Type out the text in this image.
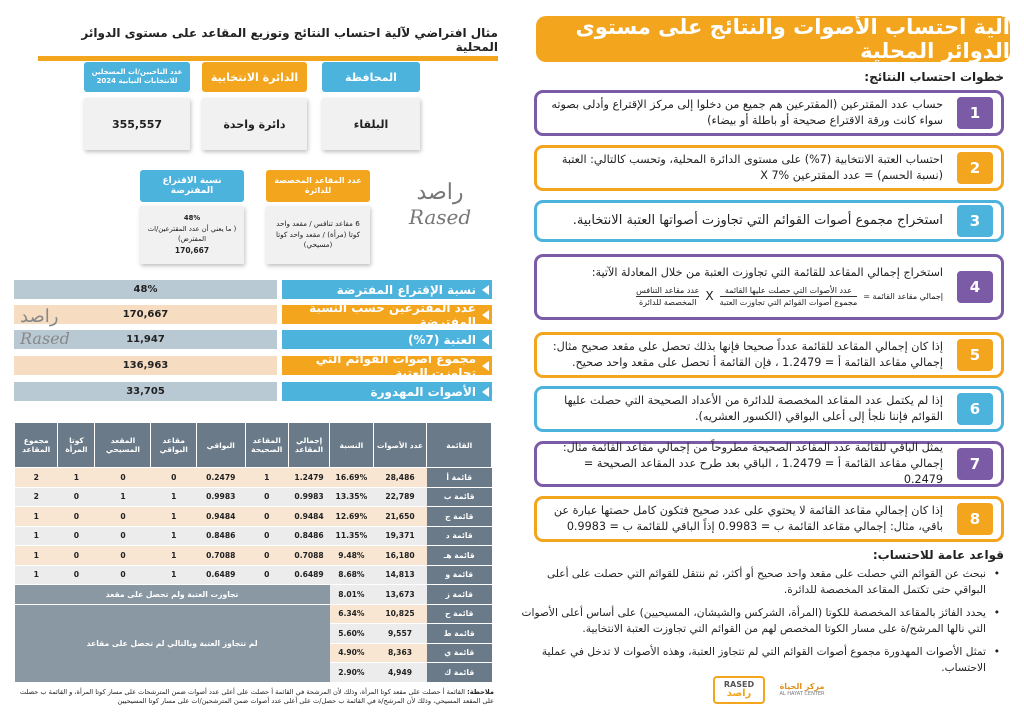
آلية احتساب الأصوات والنتائج على مستوى الدوائر المحلية
خطوات احتساب النتائج:
1
حساب عدد المقترعين (المقترعين هم جميع من دخلوا إلى مركز الإقتراع وأدلى بصوته سواء كانت ورقة الاقتراع صحيحة أو باطلة أو بيضاء)
2
احتساب العتبة الانتخابية (7%) على مستوى الدائرة المحلية، وتحسب كالتالي: العتبة (نسبة الحسم) = عدد المقترعين X 7%
3
استخراج مجموع أصوات القوائم التي تجاوزت أصواتها العتبة الانتخابية.
4
استخراج إجمالي المقاعد للقائمة التي تجاوزت العتبة من خلال المعادلة الآتية:
إجمالي مقاعد القائمة =
عدد الأصوات التي حصلت عليها القائمة
مجموع أصوات القوائم التي تجاوزت العتبة
X
عدد مقاعد التنافس
المخصصة للدائرة
5
إذا كان إجمالي المقاعد للقائمة عدداً صحيحا فإنها بذلك تحصل على مقعد صحيح مثال: إجمالي مقاعد القائمة أ = 1.2479 ، فإن القائمة أ تحصل على مقعد واحد صحيح.
6
إذا لم يكتمل عدد المقاعد المخصصة للدائرة من الأعداد الصحيحة التي حصلت عليها القوائم فإننا نلجأ إلى أعلى البواقي (الكسور العشريه).
7
يمثل الباقي للقائمة عدد المقاعد الصحيحة مطروحاً من إجمالي مقاعد القائمة مثال: إجمالي مقاعد القائمة أ = 1.2479 ، الباقي بعد طرح عدد المقاعد الصحيحة = 0.2479
8
إذا كان إجمالي مقاعد القائمة لا يحتوي على عدد صحيح فتكون كامل حصتها عبارة عن باقي، مثال: إجمالي مقاعد القائمة ب = 0.9983 إذاً الباقي للقائمة ب = 0.9983
قواعد عامة للاحتساب:
• نبحث عن القوائم التي حصلت على مقعد واحد صحيح أو أكثر، ثم ننتقل للقوائم التي حصلت على أعلى البواقي حتى تكتمل المقاعد المخصصة للدائرة.
• يحدد الفائز بالمقاعد المخصصة للكوتا (المرأة، الشركس والشيشان، المسيحيين) على أساس أعلى الأصوات التي نالها المرشح/ة على مسار الكوتا المخصص لهم من القوائم التي تجاوزت العتبة الانتخابية.
• تمثل الأصوات المهدورة مجموع أصوات القوائم التي لم تتجاوز العتبة، وهذه الأصوات لا تدخل في عملية الاحتساب.
RASED
راصد
مركز الحياة
AL HAYAT CENTER
مثال افتراضي لآلية احتساب النتائج وتوزيع المقاعد على مستوى الدوائر المحلية
المحافظة
البلقاء
الدائرة الانتخابية
دائرة واحدة
عدد الناخبين/ات المسجلين للانتخابات النيابية 2024
355,557
عدد المقاعد المخصصة للدائرة
6 مقاعد تنافس / مقعد واحد كوتا (مرأة) / مقعد واحد كوتا (مسيحي)
نسبة الاقتراع المفترضة
48%
( ما يعني أن عدد المقترعين/ات المفترض)
170,667
راصد
Rased
نسبة الإقتراع المفترضة
48%
عدد المقترعين حسب النسبة المفترضة
170,667
العتبة (7%)
11,947
مجموع أصوات القوائم التي تجاوزت العتبة
136,963
الأصوات المهدورة
33,705
راصد
Rased
القائمة	عدد الأصوات	النسبة	إجمالي المقاعد	المقاعد الصحيحة	البواقي	مقاعد البواقي	المقعد المسيحي	كوتا المرأة	مجموع المقاعد
قائمة أ	28,486	16.69%	1.2479	1	0.2479	0	0	1	2
قائمة ب	22,789	13.35%	0.9983	0	0.9983	1	1	0	2
قائمة ج	21,650	12.69%	0.9484	0	0.9484	1	0	0	1
قائمة د	19,371	11.35%	0.8486	0	0.8486	1	0	0	1
قائمة هـ	16,180	9.48%	0.7088	0	0.7088	1	0	0	1
قائمة و	14,813	8.68%	0.6489	0	0.6489	1	0	0	1
قائمة ز	13,673	8.01%	تجاوزت العتبة ولم تحصل على مقعد						
قائمة ح	10,825	6.34%	لم تتجاوز العتبة وبالتالي لم تحصل على مقاعد						
قائمة ط	9,557	5.60%							
قائمة ي	8,363	4.90%							
قائمة ك	4,949	2.90%							
ملاحظة: القائمة أ حصلت على مقعد كوتا المرأة، وذلك لأن المرشحة في القائمة أ حصلت على أعلى عدد أصوات ضمن المترشحات على مسار كوتا المرأة، و القائمة ب حصلت على المقعد المسيحي، وذلك لأن المرشح/ة في القائمة ب حصل/ت على أعلى عدد أصوات ضمن المترشحين/ات على مسار كوتا المسيحيين
